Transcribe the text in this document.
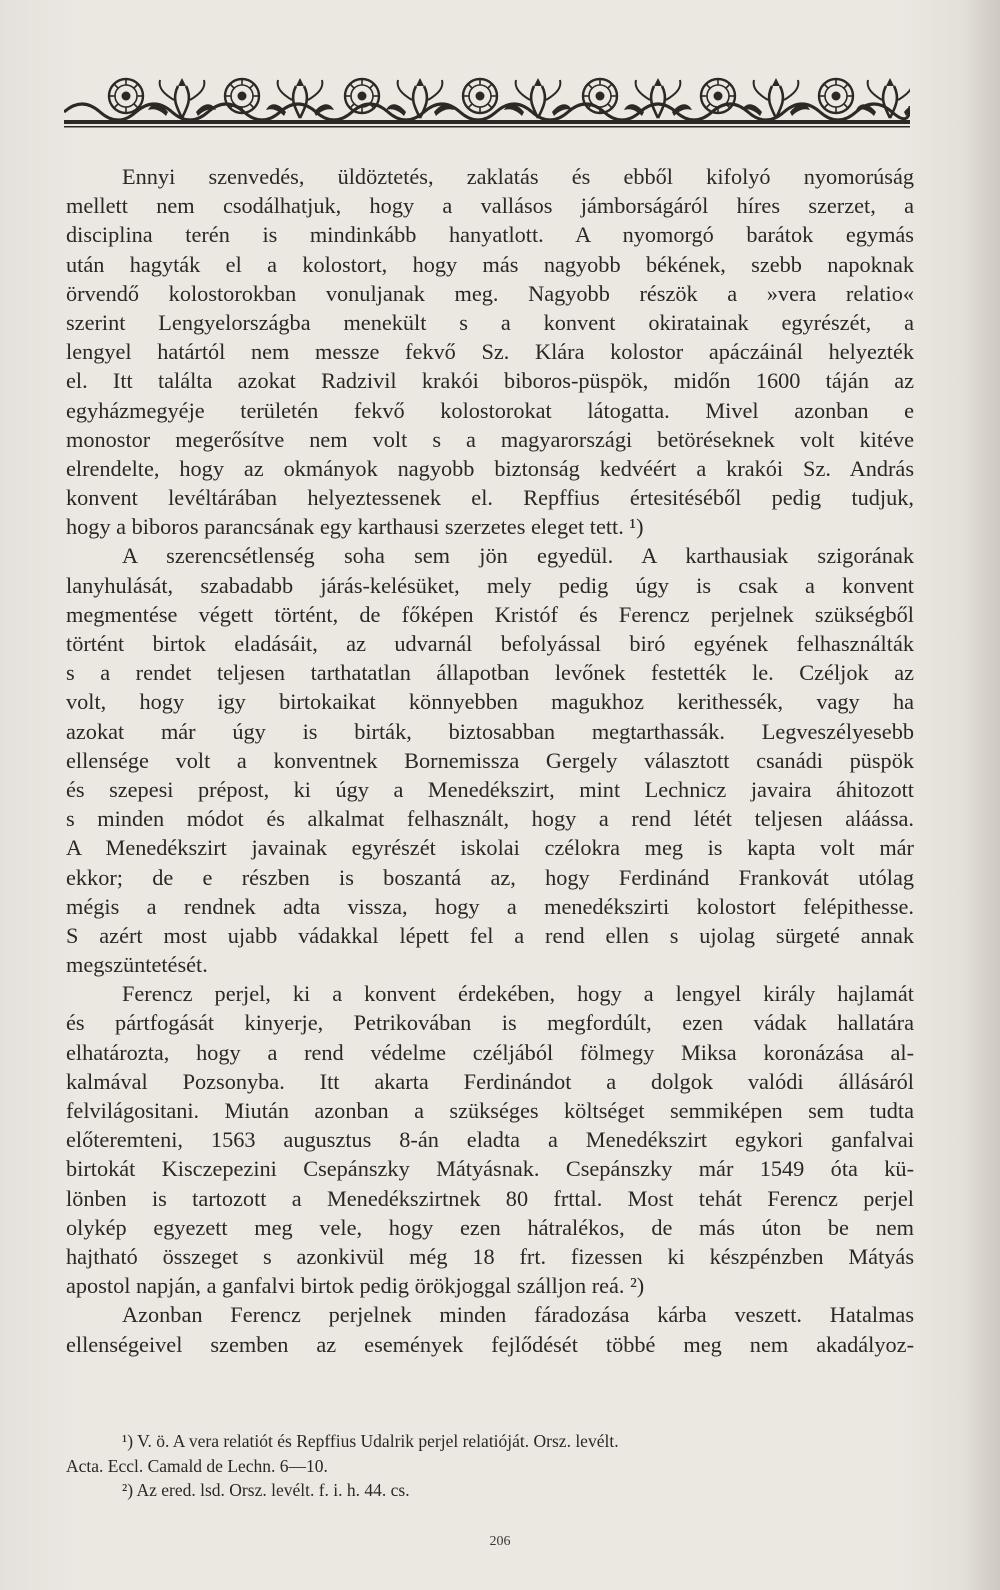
Ennyi szenvedés, üldöztetés, zaklatás és ebből kifolyó nyomorúság
mellett nem csodálhatjuk, hogy a vallásos jámborságáról híres szerzet, a
disciplina terén is mindinkább hanyatlott. A nyomorgó barátok egymás
után hagyták el a kolostort, hogy más nagyobb békének, szebb napoknak
örvendő kolostorokban vonuljanak meg. Nagyobb részök a »vera relatio«
szerint Lengyelországba menekült s a konvent okiratainak egyrészét, a
lengyel határtól nem messze fekvő Sz. Klára kolostor apáczáinál helyezték
el. Itt találta azokat Radzivil krakói biboros-püspök, midőn 1600 táján az
egyházmegyéje területén fekvő kolostorokat látogatta. Mivel azonban e
monostor megerősítve nem volt s a magyarországi betöréseknek volt kitéve
elrendelte, hogy az okmányok nagyobb biztonság kedvéért a krakói Sz. András
konvent levéltárában helyeztessenek el. Repffius értesitéséből pedig tudjuk,
hogy a biboros parancsának egy karthausi szerzetes eleget tett. ¹)
A szerencsétlenség soha sem jön egyedül. A karthausiak szigorának
lanyhulását, szabadabb járás-kelésüket, mely pedig úgy is csak a konvent
megmentése végett történt, de főképen Kristóf és Ferencz perjelnek szükségből
történt birtok eladásáit, az udvarnál befolyással biró egyének felhasználták
s a rendet teljesen tarthatatlan állapotban levőnek festették le. Czéljok az
volt, hogy igy birtokaikat könnyebben magukhoz kerithessék, vagy ha
azokat már úgy is birták, biztosabban megtarthassák. Legveszélyesebb
ellensége volt a konventnek Bornemissza Gergely választott csanádi püspök
és szepesi prépost, ki úgy a Menedékszirt, mint Lechnicz javaira áhitozott
s minden módot és alkalmat felhasznált, hogy a rend létét teljesen aláássa.
A Menedékszirt javainak egyrészét iskolai czélokra meg is kapta volt már
ekkor; de e részben is boszantá az, hogy Ferdinánd Frankovát utólag
mégis a rendnek adta vissza, hogy a menedékszirti kolostort felépithesse.
S azért most ujabb vádakkal lépett fel a rend ellen s ujolag sürgeté annak
megszüntetését.
Ferencz perjel, ki a konvent érdekében, hogy a lengyel király hajlamát
és pártfogását kinyerje, Petrikovában is megfordúlt, ezen vádak hallatára
elhatározta, hogy a rend védelme czéljából fölmegy Miksa koronázása al-
kalmával Pozsonyba. Itt akarta Ferdinándot a dolgok valódi állásáról
felvilágositani. Miután azonban a szükséges költséget semmiképen sem tudta
előteremteni, 1563 augusztus 8-án eladta a Menedékszirt egykori ganfalvai
birtokát Kisczepezini Csepánszky Mátyásnak. Csepánszky már 1549 óta kü-
lönben is tartozott a Menedékszirtnek 80 frttal. Most tehát Ferencz perjel
olykép egyezett meg vele, hogy ezen hátralékos, de más úton be nem
hajtható összeget s azonkivül még 18 frt. fizessen ki készpénzben Mátyás
apostol napján, a ganfalvi birtok pedig örökjoggal szálljon reá. ²)
Azonban Ferencz perjelnek minden fáradozása kárba veszett. Hatalmas
ellenségeivel szemben az események fejlődését többé meg nem akadályoz-
¹) V. ö. A vera relatiót és Repffius Udalrik perjel relatióját. Orsz. levélt.
Acta. Eccl. Camald de Lechn. 6—10.
²) Az ered. lsd. Orsz. levélt. f. i. h. 44. cs.
206
